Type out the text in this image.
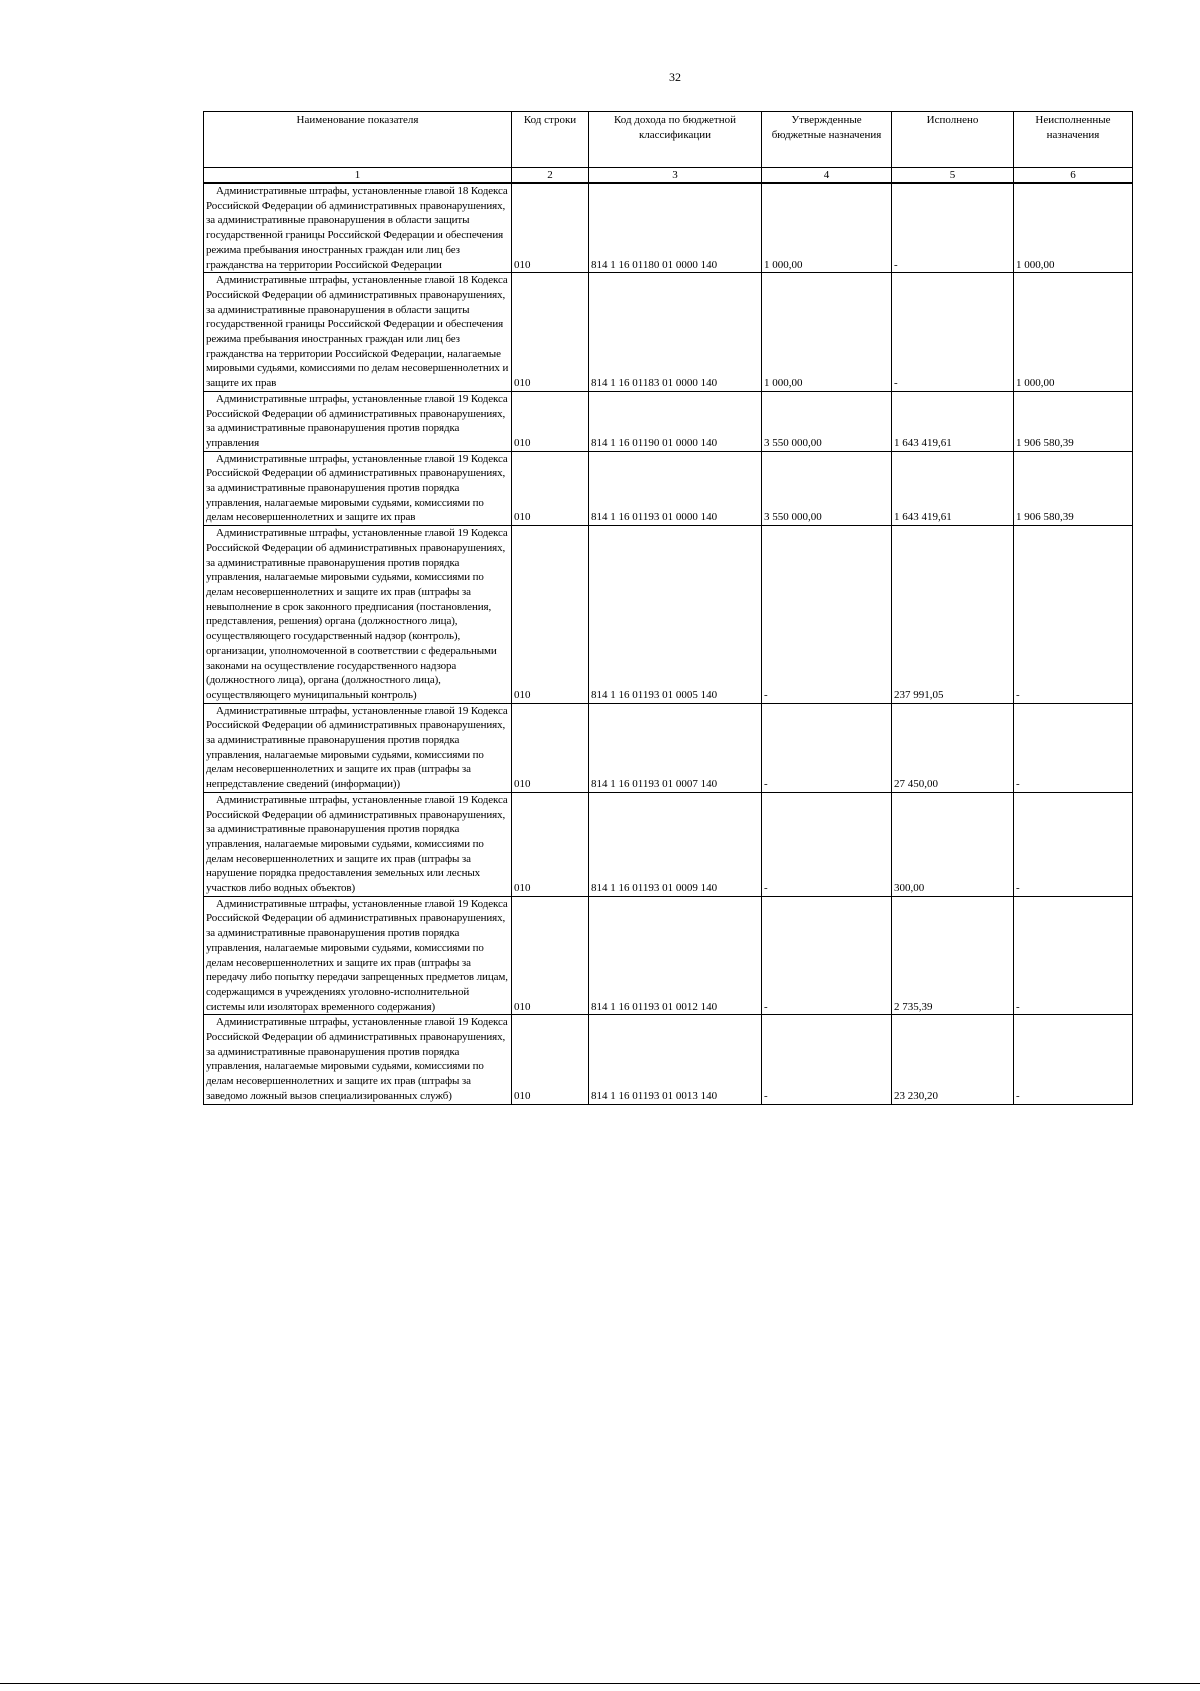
32
Наименование показателя	Код строки	Код дохода по бюджетной классификации	Утвержденные бюджетные назначения	Исполнено	Неисполненные назначения
1	2	3	4	5	6
Административные штрафы, установленные главой 18 Кодекса Российской Федерации об административных правонарушениях, за административные правонарушения в области защиты государственной границы Российской Федерации и обеспечения режима пребывания иностранных граждан или лиц без гражданства на территории Российской Федерации	010	814 1 16 01180 01 0000 140	1 000,00	-	1 000,00
Административные штрафы, установленные главой 18 Кодекса Российской Федерации об административных правонарушениях, за административные правонарушения в области защиты государственной границы Российской Федерации и обеспечения режима пребывания иностранных граждан или лиц без гражданства на территории Российской Федерации, налагаемые мировыми судьями, комиссиями по делам несовершеннолетних и защите их прав	010	814 1 16 01183 01 0000 140	1 000,00	-	1 000,00
Административные штрафы, установленные главой 19 Кодекса Российской Федерации об административных правонарушениях, за административные правонарушения против порядка управления	010	814 1 16 01190 01 0000 140	3 550 000,00	1 643 419,61	1 906 580,39
Административные штрафы, установленные главой 19 Кодекса Российской Федерации об административных правонарушениях, за административные правонарушения против порядка управления, налагаемые мировыми судьями, комиссиями по делам несовершеннолетних и защите их прав	010	814 1 16 01193 01 0000 140	3 550 000,00	1 643 419,61	1 906 580,39
Административные штрафы, установленные главой 19 Кодекса Российской Федерации об административных правонарушениях, за административные правонарушения против порядка управления, налагаемые мировыми судьями, комиссиями по делам несовершеннолетних и защите их прав (штрафы за невыполнение в срок законного предписания (постановления, представления, решения) органа (должностного лица), осуществляющего государственный надзор (контроль), организации, уполномоченной в соответствии с федеральными законами на осуществление государственного надзора (должностного лица), органа (должностного лица), осуществляющего муниципальный контроль)	010	814 1 16 01193 01 0005 140	-	237 991,05	-
Административные штрафы, установленные главой 19 Кодекса Российской Федерации об административных правонарушениях, за административные правонарушения против порядка управления, налагаемые мировыми судьями, комиссиями по делам несовершеннолетних и защите их прав (штрафы за непредставление сведений (информации))	010	814 1 16 01193 01 0007 140	-	27 450,00	-
Административные штрафы, установленные главой 19 Кодекса Российской Федерации об административных правонарушениях, за административные правонарушения против порядка управления, налагаемые мировыми судьями, комиссиями по делам несовершеннолетних и защите их прав (штрафы за нарушение порядка предоставления земельных или лесных участков либо водных объектов)	010	814 1 16 01193 01 0009 140	-	300,00	-
Административные штрафы, установленные главой 19 Кодекса Российской Федерации об административных правонарушениях, за административные правонарушения против порядка управления, налагаемые мировыми судьями, комиссиями по делам несовершеннолетних и защите их прав (штрафы за передачу либо попытку передачи запрещенных предметов лицам, содержащимся в учреждениях уголовно-исполнительной системы или изоляторах временного содержания)	010	814 1 16 01193 01 0012 140	-	2 735,39	-
Административные штрафы, установленные главой 19 Кодекса Российской Федерации об административных правонарушениях, за административные правонарушения против порядка управления, налагаемые мировыми судьями, комиссиями по делам несовершеннолетних и защите их прав (штрафы за заведомо ложный вызов специализированных служб)	010	814 1 16 01193 01 0013 140	-	23 230,20	-
